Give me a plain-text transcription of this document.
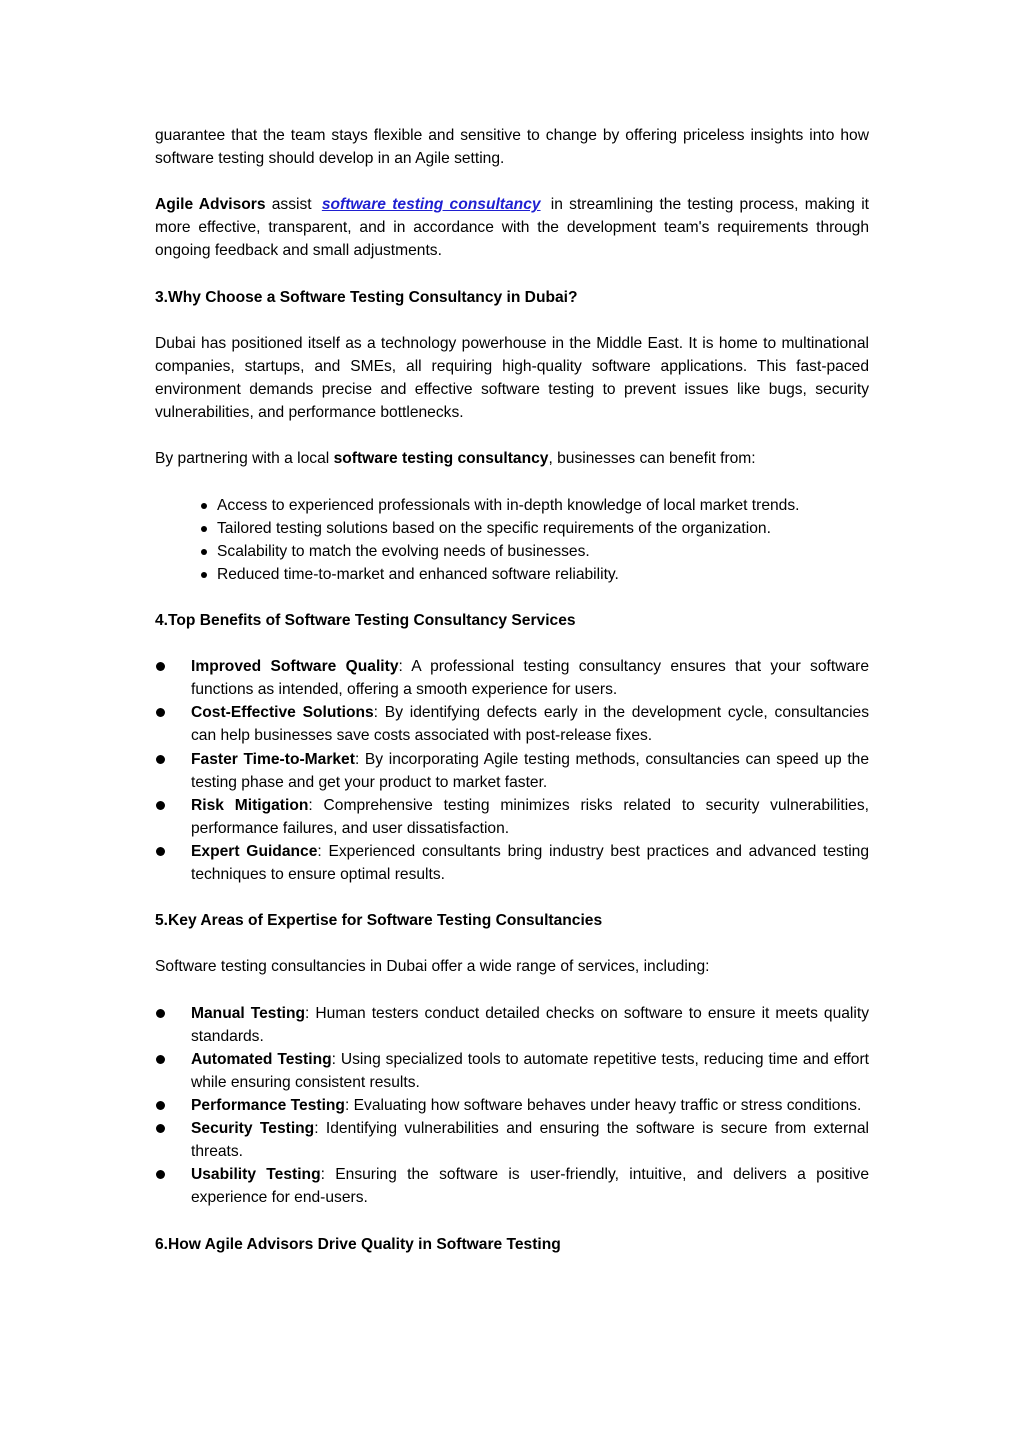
guarantee that the team stays flexible and sensitive to change by offering priceless insights into how software testing should develop in an Agile setting.

Agile Advisors assist software testing consultancy in streamlining the testing process, making it more effective, transparent, and in accordance with the development team's requirements through ongoing feedback and small adjustments.

3.Why Choose a Software Testing Consultancy in Dubai?

Dubai has positioned itself as a technology powerhouse in the Middle East. It is home to multinational companies, startups, and SMEs, all requiring high-quality software applications. This fast-paced environment demands precise and effective software testing to prevent issues like bugs, security vulnerabilities, and performance bottlenecks.

By partnering with a local software testing consultancy, businesses can benefit from:

Access to experienced professionals with in-depth knowledge of local market trends.
Tailored testing solutions based on the specific requirements of the organization.
Scalability to match the evolving needs of businesses.
Reduced time-to-market and enhanced software reliability.

4.Top Benefits of Software Testing Consultancy Services

Improved Software Quality: A professional testing consultancy ensures that your software functions as intended, offering a smooth experience for users.
Cost-Effective Solutions: By identifying defects early in the development cycle, consultancies can help businesses save costs associated with post-release fixes.
Faster Time-to-Market: By incorporating Agile testing methods, consultancies can speed up the testing phase and get your product to market faster.
Risk Mitigation: Comprehensive testing minimizes risks related to security vulnerabilities, performance failures, and user dissatisfaction.
Expert Guidance: Experienced consultants bring industry best practices and advanced testing techniques to ensure optimal results.

5.Key Areas of Expertise for Software Testing Consultancies

Software testing consultancies in Dubai offer a wide range of services, including:

Manual Testing: Human testers conduct detailed checks on software to ensure it meets quality standards.
Automated Testing: Using specialized tools to automate repetitive tests, reducing time and effort while ensuring consistent results.
Performance Testing: Evaluating how software behaves under heavy traffic or stress conditions.
Security Testing: Identifying vulnerabilities and ensuring the software is secure from external threats.
Usability Testing: Ensuring the software is user-friendly, intuitive, and delivers a positive experience for end-users.

6.How Agile Advisors Drive Quality in Software Testing
